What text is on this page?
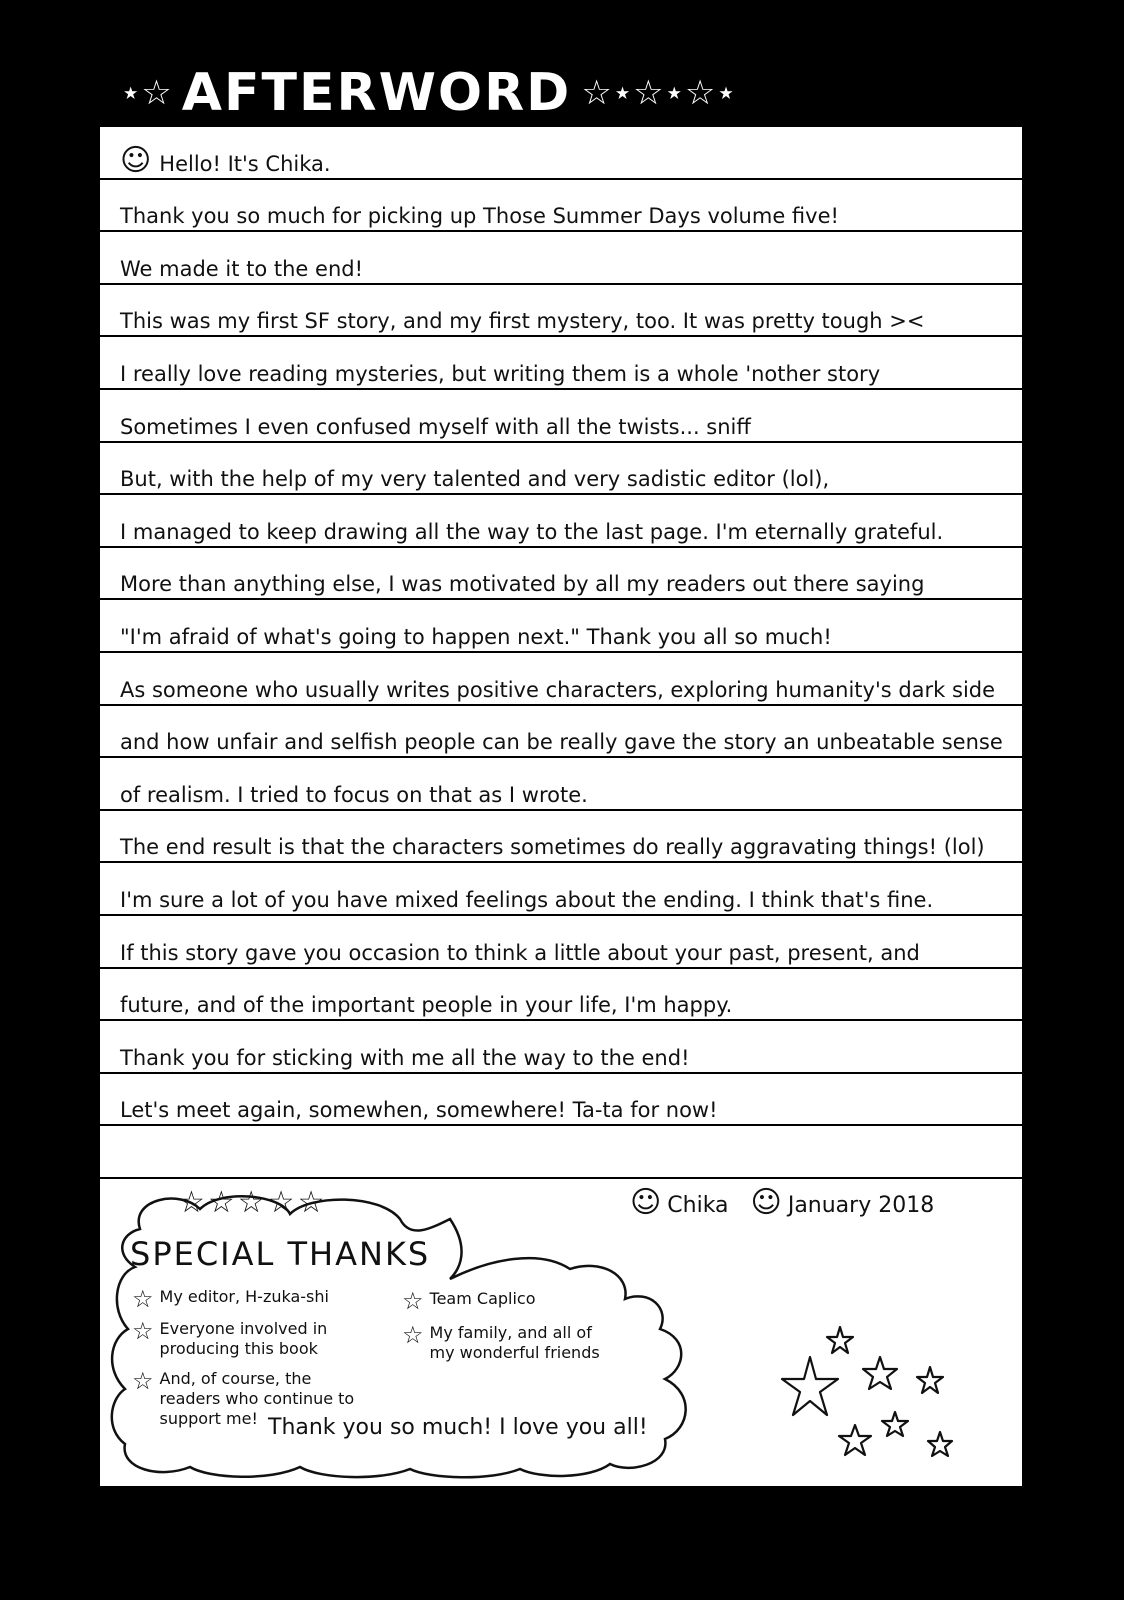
⋆☆ AFTERWORD ☆⋆☆⋆☆⋆
☺ Hello! It's Chika.
Thank you so much for picking up Those Summer Days volume five!
We made it to the end!
This was my first SF story, and my first mystery, too. It was pretty tough ><
I really love reading mysteries, but writing them is a whole 'nother story
Sometimes I even confused myself with all the twists... sniff
But, with the help of my very talented and very sadistic editor (lol),
I managed to keep drawing all the way to the last page. I'm eternally grateful.
More than anything else, I was motivated by all my readers out there saying
"I'm afraid of what's going to happen next." Thank you all so much!
As someone who usually writes positive characters, exploring humanity's dark side
and how unfair and selfish people can be really gave the story an unbeatable sense
of realism. I tried to focus on that as I wrote.
The end result is that the characters sometimes do really aggravating things! (lol)
I'm sure a lot of you have mixed feelings about the ending. I think that's fine.
If this story gave you occasion to think a little about your past, present, and
future, and of the important people in your life, I'm happy.
Thank you for sticking with me all the way to the end!
Let's meet again, somewhen, somewhere! Ta-ta for now!
☆☆☆☆☆
SPECIAL THANKS
☆ My editor, H-zuka-shi	☆ Team Caplico
☆ Everyone involved in producing this book	☆ My family, and all of my wonderful friends
☆ And, of course, the readers who continue to support me! Thank you so much! I love you all!
☺ Chika ☺ January 2018
